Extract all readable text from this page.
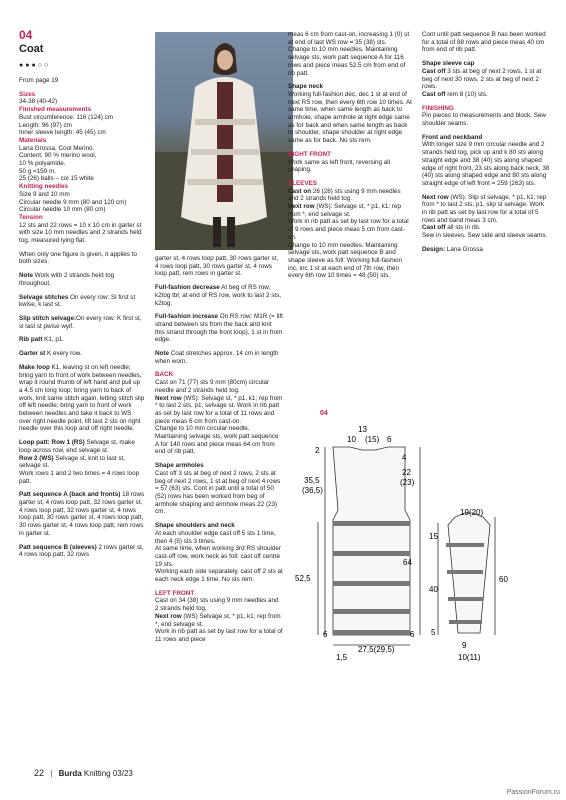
04
Coat
●●●○○

From page 19

Sizes
34-38 (40-42)
Finished measurements
Bust circumference: 116 (124) cm
Length: 96 (97) cm
Inner sleeve length: 45 (45) cm
Materials
Lana Grossa, Cool Merino.
Content: 90 % merino wool,
10 % polyamide.
50 g =150 m.
25 (26) balls – col 15 white
Knitting needles
Size 9 and 10 mm
Circular needle 9 mm (80 and 120 cm)
Circular needle 10 mm (80 cm)
Tension

12 sts and 22 rows = 10 x 10 cm in garter st with size 10 mm needles and 2 strands held tog, measured lying flat.

When only one figure is given, it applies to both sizes.

Note Work with 2 strands held tog throughout.

Selvage stitches On every row: Sl first st kwise, k last st.

Slip stitch selvage:On every row: K first st, sl last st pwise wyif.

Rib patt K1, p1.

Garter st K every row.

Make loop K1, leaving st on left needle; bring yarn to front of work between needles, wrap it round thumb of left hand and pull up a 4.5 cm long loop; bring yarn to back of work, knit same stitch again, letting stitch slip off left needle; bring yarn to front of work between needles and take it back to WS over right needle point, lift last 2 sts on right needle over this loop and off right needle.

Loop patt: Row 1 (RS) Selvage st, make loop across row, end selvage st.
Row 2 (WS) Selvage st, knit to last st, selvage st.

Work rows 1 and 2 two times = 4 rows loop patt.

Patt sequence A (back and fronts) 18 rows garter st, 4 rows loop patt, 32 rows garter st, 4 rows loop patt, 32 rows garter st, 4 rows loop patt, 30 rows garter st, 4 rows loop patt, 30 rows garter st, 4 rows loop patt, rem rows in garter st.

Patt sequence B (sleeves) 2 rows garter st, 4 rows loop patt, 32 rows

garter st, 4 rows loop patt, 30 rows garter st, 4 rows loop patt, 30 rows garter st, 4 rows loop patt, rem rows in garter st.

Full-fashion decrease At beg of RS row, k2tog tbl; at end of RS row, work to last 2 sts, k2tog.

Full-fashion increase On RS row: M1R (= lift strand between sts from the back and knit this strand through the front loop), 1 st in from edge.

Note Coat stretches approx. 14 cm in length when worn.

BACK
Cast on 71 (77) sts 9 mm (80cm) circular needle and 2 strands held tog.

Next row (WS): Selvage st, * p1, k1; rep from * to last 2 sts, p1, selvage st. Work in rib patt as set by last row for a total of 11 rows and piece meas 6 cm from cast-on.
Change to 10 mm circular needle. Maintaining selvage sts, work patt sequence A for 140 rows and piece meas 64 cm from end of rib patt.

Shape armholes

Cast off 3 sts at beg of next 2 rows, 2 sts at beg of next 2 rows, 1 st at beg of next 4 rows = 57 (63) sts. Cont in patt until a total of 50 (52) rows has been worked from beg of armhole shaping and armhole meas 22 (23) cm.

Shape shoulders and neck

At each shoulder edge cast off 5 sts 1 time, then 4 (5) sts 3 times.
At same time, when working 3rd RS shoulder cast-off row, work neck as foll: cast off centre 19 sts.
Working each side separately, cast off 2 sts at each neck edge 1 time. No sts rem.

LEFT FRONT
Cast on 34 (38) sts using 9 mm needles and 2 strands held tog.
Next row (WS) Selvage st, * p1, k1; rep from *, end selvage st.
Work in rib patt as set by last row for a total of 11 rows and piece

meas 6 cm from cast-on, increasing 1 (0) st at end of last WS row = 35 (38) sts.
Change to 10 mm needles. Maintaining selvage sts, work patt sequence A for 116 rows and piece meas 52.5 cm from end of rib patt.

Shape neck

Working full-fashion dec, dec 1 st at end of next RS row, then every 6th row 10 times. At same time, when same length as back to armhole, shape armhole at right edge same as for back and when same length as back to shoulder, shape shoulder at right edge same as for back. No sts rem.

RIGHT FRONT

Work same as left front, reversing all shaping.

SLEEVES
Cast on 26 (28) sts using 9 mm needles and 2 strands held tog.

Next row (WS): Selvage st, * p1, k1; rep from *, end selvage st.
Work in rib patt as set by last row for a total of 9 rows and piece meas 5 cm from cast-on.
Change to 10 mm needles. Maintaining selvage sts, work patt sequence B and shape sleeve as foll: Working full-fashion inc, inc 1 st at each end of 7th row, then every 6th row 10 times = 48 (50) sts.

Cont until patt sequence B has been worked for a total of 88 rows and piece meas 40 cm from end of rib patt.

Shape sleeve cap
Cast off 3 sts at beg of next 2 rows, 1 st at beg of next 30 rows, 2 sts at beg of next 2 rows.

Cast off rem 8 (10) sts.

FINISHING

Pin pieces to measurements and block. Sew shoulder seams.

Front and neckband

With longer size 9 mm circular needle and 2 strands held tog, pick up and k 80 sts along straight edge and 38 (40) sts along shaped edge of right front, 23 sts along back neck, 38 (40) sts along shaped edge and 80 sts along straight edge of left front = 259 (263) sts.

Next row (WS): Slip st selvage, * p1, k1; rep from * to last 2 sts, p1, slip st selvage. Work in rib patt as set by last row for a total of 5 rows and band meas 3 cm.

Cast off all sts in rib.
Sew in sleeves. Sew side and sleeve seams.

Design: Lana Grossa

04
13
10 (15) 6
2
4
35,5
(36,5)
22
(23)
52,5
64
6	6
1,5
27,5(29,5)
19(20)
15
40
60
5
9
10(11)
22 | Burda Knitting 03/23
PassionForum.ru
